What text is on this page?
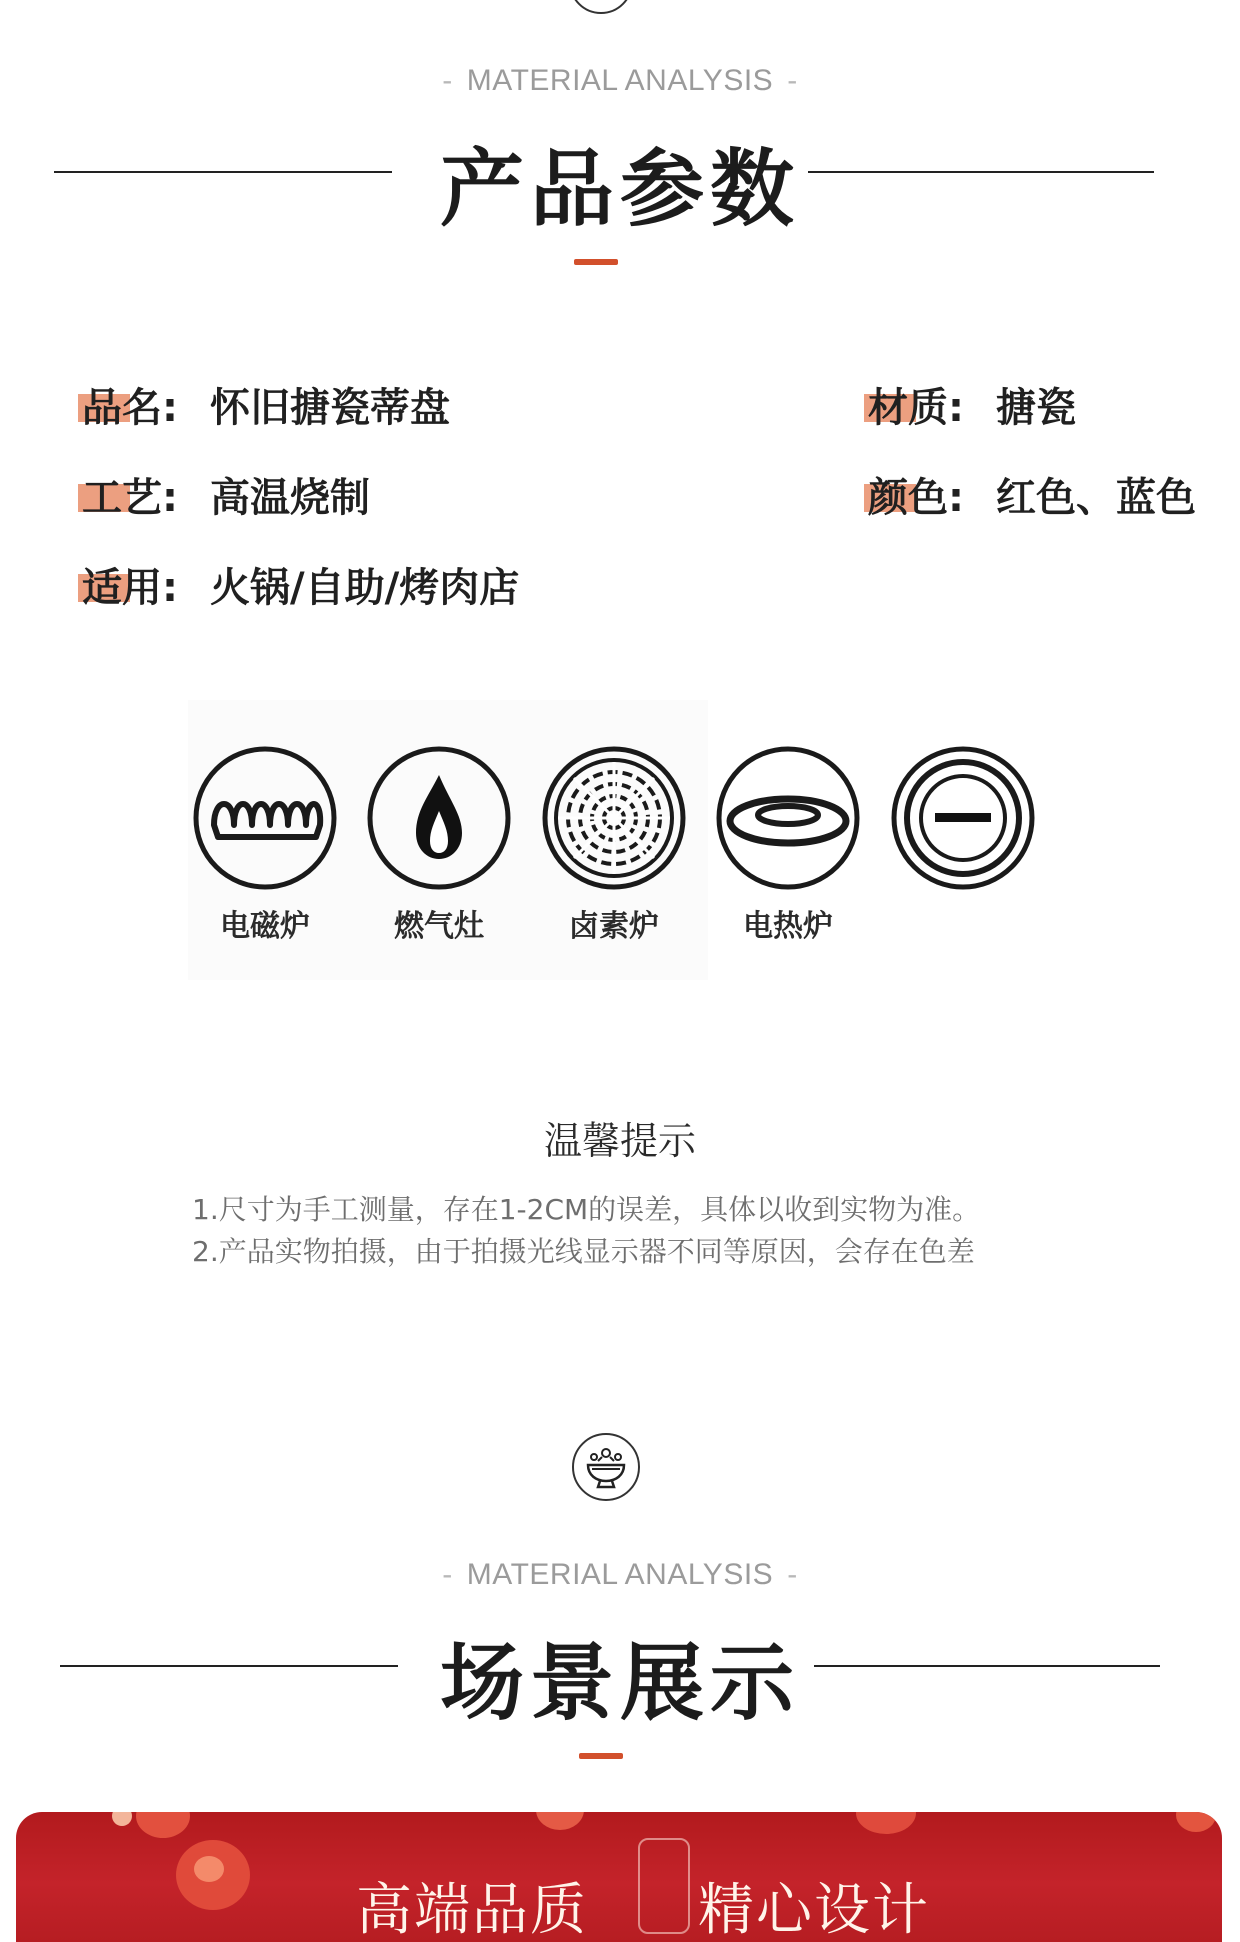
- MATERIAL ANALYSIS -
产品参数
品名: 怀旧搪瓷蒂盘	材质: 搪瓷
工艺: 高温烧制	颜色: 红色、蓝色
适用: 火锅/自助/烤肉店
电磁炉	燃气灶	卤素炉	电热炉
温馨提示
1.尺寸为手工测量，存在1-2CM的误差，具体以收到实物为准。
2.产品实物拍摄，由于拍摄光线显示器不同等原因，会存在色差
- MATERIAL ANALYSIS -
场景展示
高端品质 精心设计
